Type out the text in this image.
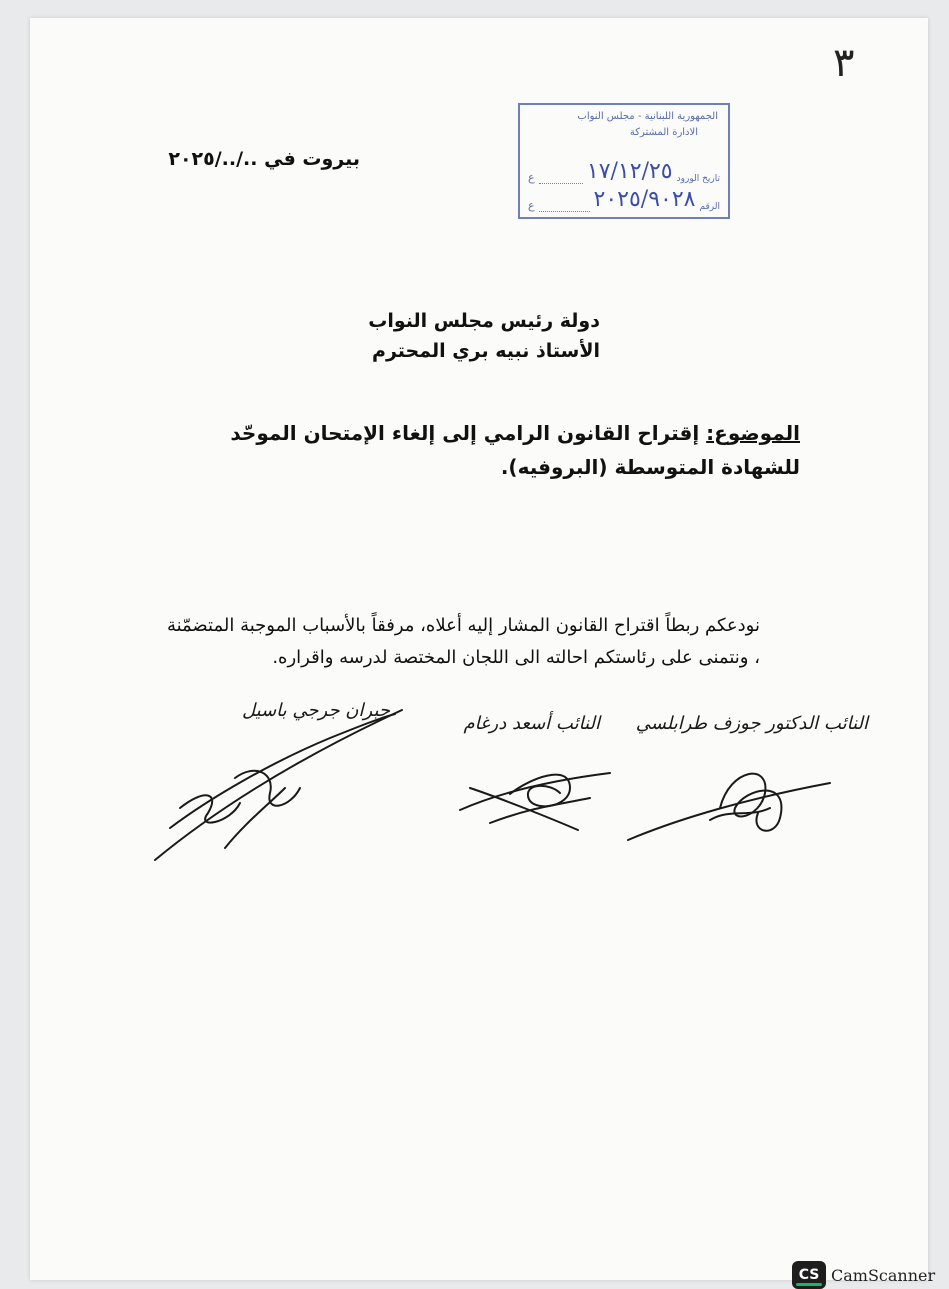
٣
الجمهورية اللبنانية - مجلس النواب
الادارة المشتركة
تاريخ الورود
١٧/١٢/٢٥
ع
الرقم
٢٠٢٥/٩٠٢٨
ع
بيروت في ../../٢٠٢٥
دولة رئيس مجلس النواب
الأستاذ نبيه بري المحترم
الموضوع: إقتراح القانون الرامي إلى إلغاء الإمتحان الموحّد للشهادة المتوسطة (البروفيه).
نودعكم ربطاً اقتراح القانون المشار إليه أعلاه، مرفقاً بالأسباب الموجبة المتضمّنة ، ونتمنى على رئاستكم احالته الى اللجان المختصة لدرسه واقراره.
النائب الدكتور جوزف طرابلسي
النائب أسعد درغام
جبران جرجي باسيل
CS CamScanner
